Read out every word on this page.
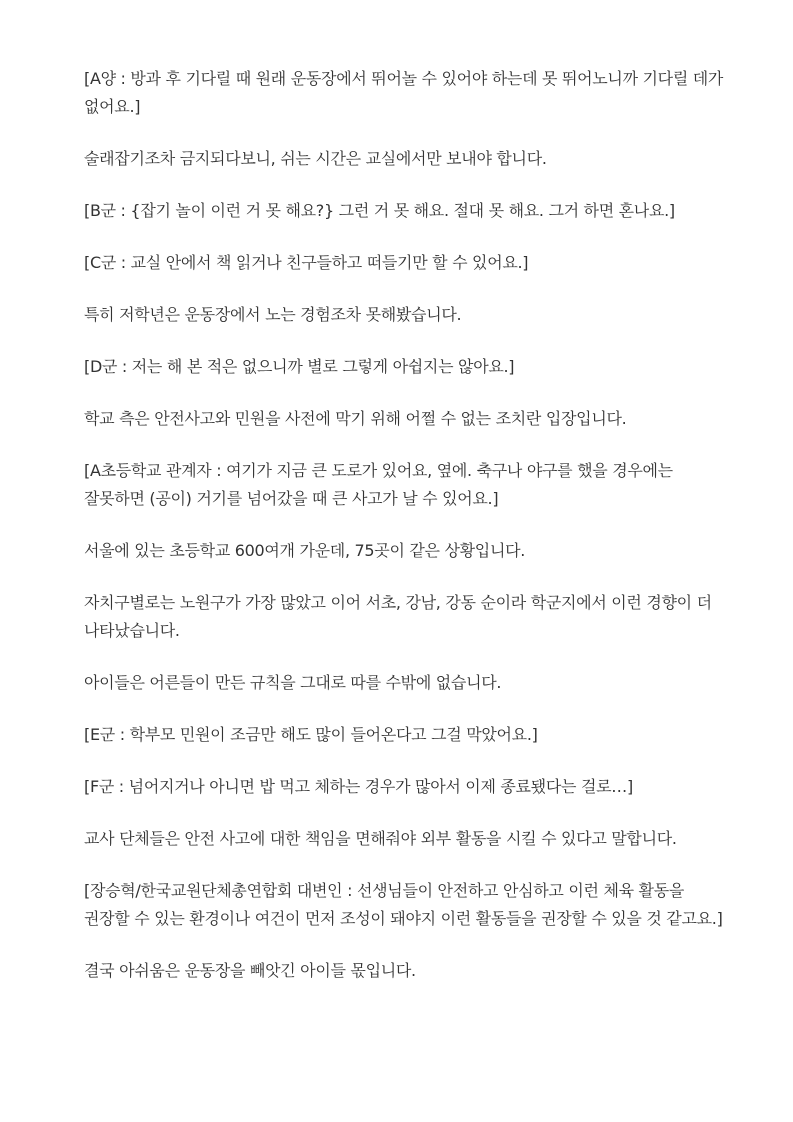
[A양 : 방과 후 기다릴 때 원래 운동장에서 뛰어놀 수 있어야 하는데 못 뛰어노니까 기다릴 데가 없어요.]

술래잡기조차 금지되다보니, 쉬는 시간은 교실에서만 보내야 합니다.

[B군 : {잡기 놀이 이런 거 못 해요?} 그런 거 못 해요. 절대 못 해요. 그거 하면 혼나요.]

[C군 : 교실 안에서 책 읽거나 친구들하고 떠들기만 할 수 있어요.]

특히 저학년은 운동장에서 노는 경험조차 못해봤습니다.

[D군 : 저는 해 본 적은 없으니까 별로 그렇게 아쉽지는 않아요.]

학교 측은 안전사고와 민원을 사전에 막기 위해 어쩔 수 없는 조치란 입장입니다.

[A초등학교 관계자 : 여기가 지금 큰 도로가 있어요, 옆에. 축구나 야구를 했을 경우에는 잘못하면 (공이) 거기를 넘어갔을 때 큰 사고가 날 수 있어요.]

서울에 있는 초등학교 600여개 가운데, 75곳이 같은 상황입니다.

자치구별로는 노원구가 가장 많았고 이어 서초, 강남, 강동 순이라 학군지에서 이런 경향이 더 나타났습니다.

아이들은 어른들이 만든 규칙을 그대로 따를 수밖에 없습니다.

[E군 : 학부모 민원이 조금만 해도 많이 들어온다고 그걸 막았어요.]

[F군 : 넘어지거나 아니면 밥 먹고 체하는 경우가 많아서 이제 종료됐다는 걸로…]

교사 단체들은 안전 사고에 대한 책임을 면해줘야 외부 활동을 시킬 수 있다고 말합니다.

[장승혁/한국교원단체총연합회 대변인 : 선생님들이 안전하고 안심하고 이런 체육 활동을 권장할 수 있는 환경이나 여건이 먼저 조성이 돼야지 이런 활동들을 권장할 수 있을 것 같고요.]

결국 아쉬움은 운동장을 빼앗긴 아이들 몫입니다.
